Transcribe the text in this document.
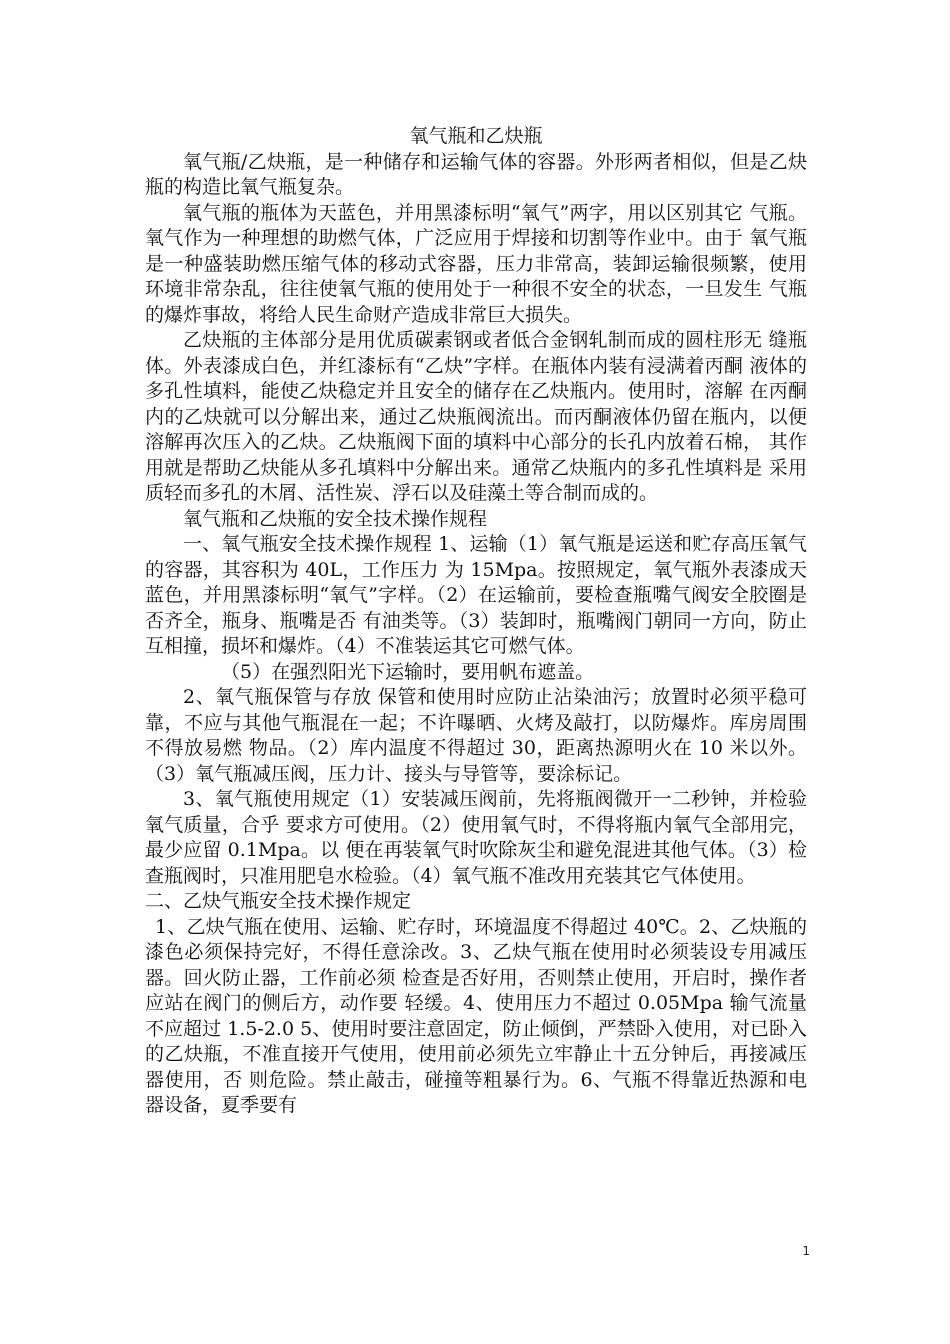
氧气瓶和乙炔瓶

氧气瓶/乙炔瓶，是一种储存和运输气体的容器。外形两者相似，但是乙炔瓶的构造比氧气瓶复杂。

氧气瓶的瓶体为天蓝色，并用黑漆标明“氧气”两字，用以区别其它 气瓶。氧气作为一种理想的助燃气体，广泛应用于焊接和切割等作业中。由于 氧气瓶是一种盛装助燃压缩气体的移动式容器，压力非常高，装卸运输很频繁，使用环境非常杂乱，往往使氧气瓶的使用处于一种很不安全的状态，一旦发生 气瓶的爆炸事故，将给人民生命财产造成非常巨大损失。

乙炔瓶的主体部分是用优质碳素钢或者低合金钢轧制而成的圆柱形无 缝瓶体。外表漆成白色，并红漆标有“乙炔”字样。在瓶体内装有浸满着丙酮 液体的多孔性填料，能使乙炔稳定并且安全的储存在乙炔瓶内。使用时，溶解 在丙酮内的乙炔就可以分解出来，通过乙炔瓶阀流出。而丙酮液体仍留在瓶内，以便溶解再次压入的乙炔。乙炔瓶阀下面的填料中心部分的长孔内放着石棉， 其作用就是帮助乙炔能从多孔填料中分解出来。通常乙炔瓶内的多孔性填料是 采用质轻而多孔的木屑、活性炭、浮石以及硅藻土等合制而成的。

氧气瓶和乙炔瓶的安全技术操作规程

一、氧气瓶安全技术操作规程 1、运输（1）氧气瓶是运送和贮存高压氧气的容器，其容积为 40L，工作压力 为 15Mpa。按照规定，氧气瓶外表漆成天蓝色，并用黑漆标明“氧气”字样。（2）在运输前，要检查瓶嘴气阀安全胶圈是否齐全，瓶身、瓶嘴是否 有油类等。（3）装卸时，瓶嘴阀门朝同一方向，防止互相撞，损坏和爆炸。（4）不准装运其它可燃气体。

（5）在强烈阳光下运输时，要用帆布遮盖。

2、氧气瓶保管与存放 保管和使用时应防止沾染油污；放置时必须平稳可靠，不应与其他气瓶混在一起；不许曝晒、火烤及敲打，以防爆炸。库房周围不得放易燃 物品。（2）库内温度不得超过 30，距离热源明火在 10 米以外。（3）氧气瓶减压阀，压力计、接头与导管等，要涂标记。

3、氧气瓶使用规定（1）安装减压阀前，先将瓶阀微开一二秒钟，并检验氧气质量，合乎 要求方可使用。（2）使用氧气时，不得将瓶内氧气全部用完，最少应留 0.1Mpa。以 便在再装氧气时吹除灰尘和避免混进其他气体。（3）检查瓶阀时，只准用肥皂水检验。（4）氧气瓶不准改用充装其它气体使用。

二、乙炔气瓶安全技术操作规定

1、乙炔气瓶在使用、运输、贮存时，环境温度不得超过 40℃。2、乙炔瓶的漆色必须保持完好，不得任意涂改。3、乙炔气瓶在使用时必须装设专用减压器。回火防止器，工作前必须 检查是否好用，否则禁止使用，开启时，操作者应站在阀门的侧后方，动作要 轻缓。4、使用压力不超过 0.05Mpa 输气流量不应超过 1.5-2.0 5、使用时要注意固定，防止倾倒，严禁卧入使用，对已卧入的乙炔瓶，不准直接开气使用，使用前必须先立牢静止十五分钟后，再接减压器使用，否 则危险。禁止敲击，碰撞等粗暴行为。6、气瓶不得靠近热源和电器设备，夏季要有

1
